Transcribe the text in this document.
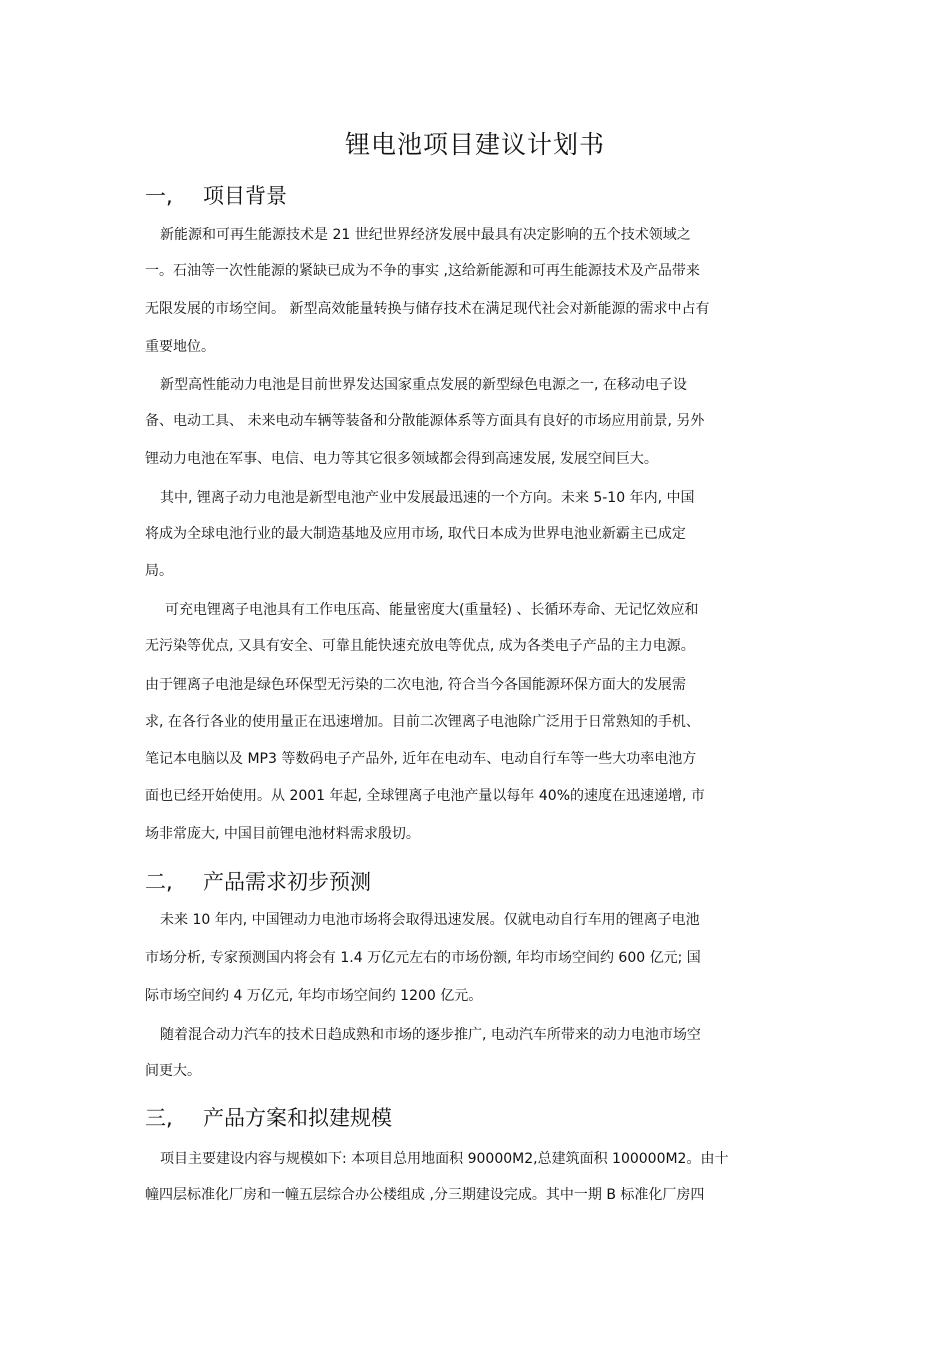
锂电池项目建议计划书
一, 项目背景
新能源和可再生能源技术是 21 世纪世界经济发展中最具有决定影响的五个技术领域之
一。石油等一次性能源的紧缺已成为不争的事实 ,这给新能源和可再生能源技术及产品带来
无限发展的市场空间。 新型高效能量转换与储存技术在满足现代社会对新能源的需求中占有
重要地位。
新型高性能动力电池是目前世界发达国家重点发展的新型绿色电源之一, 在移动电子设
备、电动工具、 未来电动车辆等装备和分散能源体系等方面具有良好的市场应用前景, 另外
锂动力电池在军事、电信、电力等其它很多领域都会得到高速发展, 发展空间巨大。
其中, 锂离子动力电池是新型电池产业中发展最迅速的一个方向。未来 5-10 年内, 中国
将成为全球电池行业的最大制造基地及应用市场, 取代日本成为世界电池业新霸主已成定
局。
可充电锂离子电池具有工作电压高、能量密度大(重量轻) 、长循环寿命、无记忆效应和
无污染等优点, 又具有安全、可靠且能快速充放电等优点, 成为各类电子产品的主力电源。
由于锂离子电池是绿色环保型无污染的二次电池, 符合当今各国能源环保方面大的发展需
求, 在各行各业的使用量正在迅速增加。目前二次锂离子电池除广泛用于日常熟知的手机、
笔记本电脑以及 MP3 等数码电子产品外, 近年在电动车、电动自行车等一些大功率电池方
面也已经开始使用。从 2001 年起, 全球锂离子电池产量以每年 40%的速度在迅速递增, 市
场非常庞大, 中国目前锂电池材料需求殷切。
二, 产品需求初步预测
未来 10 年内, 中国锂动力电池市场将会取得迅速发展。仅就电动自行车用的锂离子电池
市场分析, 专家预测国内将会有 1.4 万亿元左右的市场份额, 年均市场空间约 600 亿元; 国
际市场空间约 4 万亿元, 年均市场空间约 1200 亿元。
随着混合动力汽车的技术日趋成熟和市场的逐步推广, 电动汽车所带来的动力电池市场空
间更大。
三, 产品方案和拟建规模
项目主要建设内容与规模如下: 本项目总用地面积 90000M2,总建筑面积 100000M2。由十
幢四层标准化厂房和一幢五层综合办公楼组成 ,分三期建设完成。其中一期 B 标准化厂房四
